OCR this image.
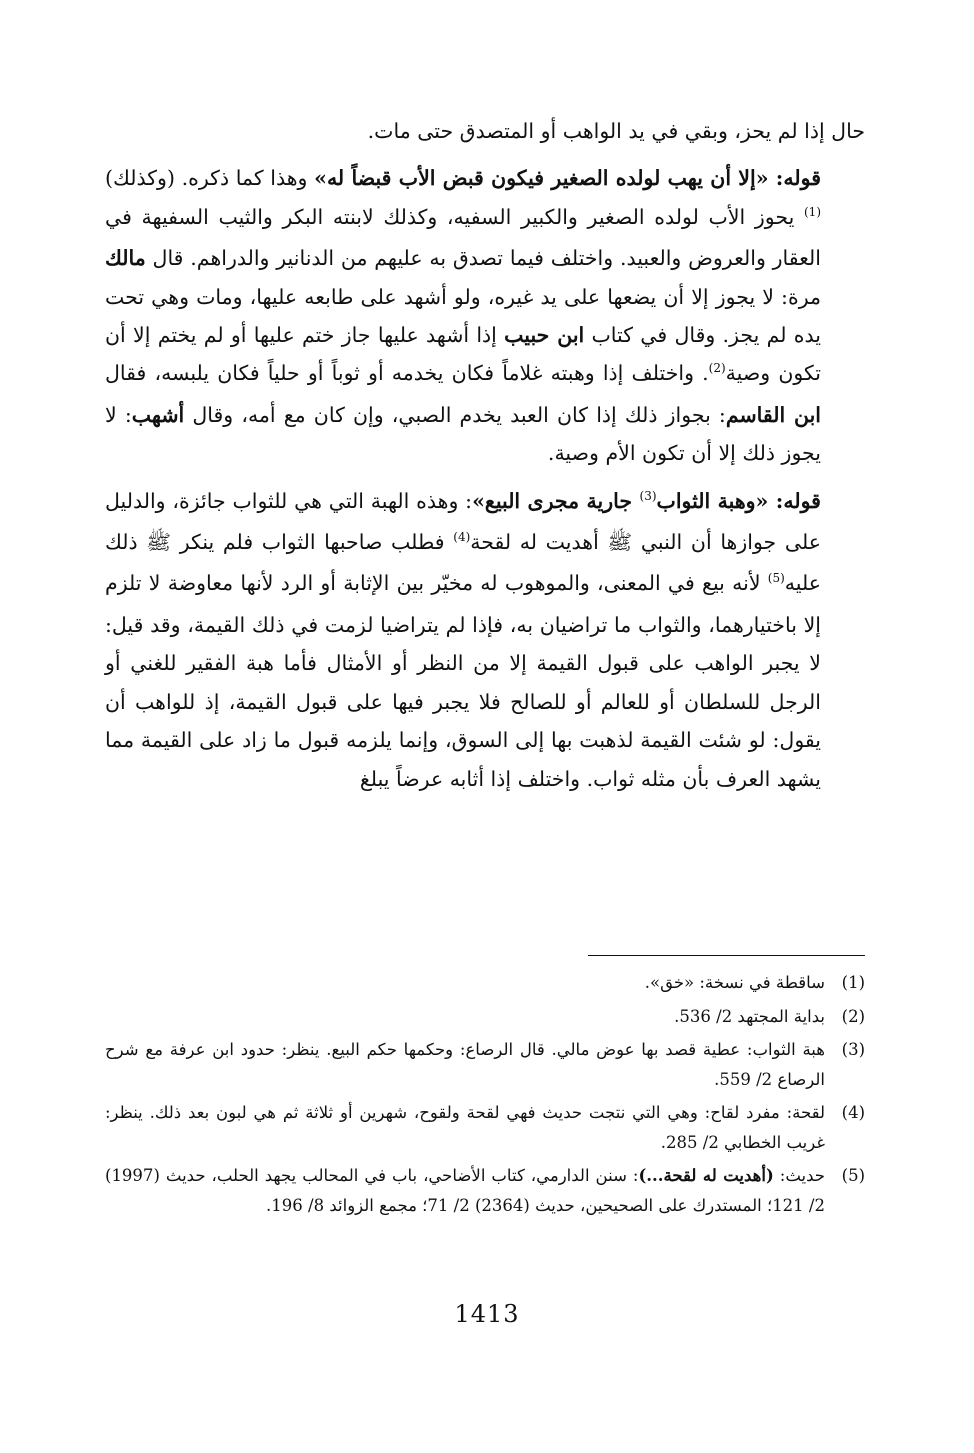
حال إذا لم يحز، وبقي في يد الواهب أو المتصدق حتى مات.

قوله: «إلا أن يهب لولده الصغير فيكون قبض الأب قبضاً له» وهذا كما ذكره. (وكذلك)$^{(1)}$ يحوز الأب لولده الصغير والكبير السفيه، وكذلك لابنته البكر والثيب السفيهة في العقار والعروض والعبيد. واختلف فيما تصدق به عليهم من الدنانير والدراهم. قال مالك مرة: لا يجوز إلا أن يضعها على يد غيره، ولو أشهد على طابعه عليها، ومات وهي تحت يده لم يجز. وقال في كتاب ابن حبيب إذا أشهد عليها جاز ختم عليها أو لم يختم إلا أن تكون وصية$^{(2)}$. واختلف إذا وهبته غلاماً فكان يخدمه أو ثوباً أو حلياً فكان يلبسه، فقال ابن القاسم: بجواز ذلك إذا كان العبد يخدم الصبي، وإن كان مع أمه، وقال أشهب: لا يجوز ذلك إلا أن تكون الأم وصية.

قوله: «وهبة الثواب$^{(3)}$ جارية مجرى البيع»: وهذه الهبة التي هي للثواب جائزة، والدليل على جوازها أن النبي ﷺ أهديت له لقحة$^{(4)}$ فطلب صاحبها الثواب فلم ينكر ﷺ ذلك عليه$^{(5)}$ لأنه بيع في المعنى، والموهوب له مخيّر بين الإثابة أو الرد لأنها معاوضة لا تلزم إلا باختيارهما، والثواب ما تراضيان به، فإذا لم يتراضيا لزمت في ذلك القيمة، وقد قيل: لا يجبر الواهب على قبول القيمة إلا من النظر أو الأمثال فأما هبة الفقير للغني أو الرجل للسلطان أو للعالم أو للصالح فلا يجبر فيها على قبول القيمة، إذ للواهب أن يقول: لو شئت القيمة لذهبت بها إلى السوق، وإنما يلزمه قبول ما زاد على القيمة مما يشهد العرف بأن مثله ثواب. واختلف إذا أثابه عرضاً يبلغ

(1)
ساقطة في نسخة: «خق».
(2)
بداية المجتهد 2/ 536.
(3)
هبة الثواب: عطية قصد بها عوض مالي. قال الرصاع: وحكمها حكم البيع. ينظر: حدود ابن عرفة مع شرح الرصاع 2/ 559.
(4)
لقحة: مفرد لقاح: وهي التي نتجت حديث فهي لقحة ولقوح، شهرين أو ثلاثة ثم هي لبون بعد ذلك. ينظر: غريب الخطابي 2/ 285.
(5)
حديث: (أهديت له لقحة...): سنن الدارمي، كتاب الأضاحي، باب في المحالب يجهد الحلب، حديث (1997) 2/ 121؛ المستدرك على الصحيحين، حديث (2364) 2/ 71؛ مجمع الزوائد 8/ 196.
1413
